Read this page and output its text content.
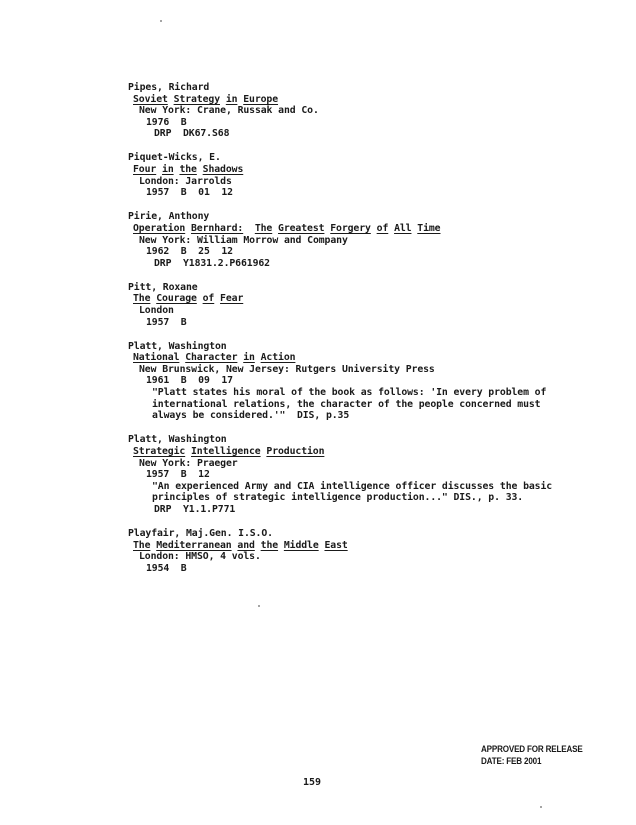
Pipes, Richard
Soviet Strategy in Europe
New York: Crane, Russak and Co.
1976  B
DRP  DK67.S68
Piquet-Wicks, E.
Four in the Shadows
London: Jarrolds
1957  B  01  12
Pirie, Anthony
Operation Bernhard: The Greatest Forgery of All Time
New York: William Morrow and Company
1962  B  25  12
DRP  Y1831.2.P661962
Pitt, Roxane
The Courage of Fear
London
1957  B
Platt, Washington
National Character in Action
New Brunswick, New Jersey: Rutgers University Press
1961  B  09  17
"Platt states his moral of the book as follows: 'In every problem of
international relations, the character of the people concerned must
always be considered.'"  DIS, p.35
Platt, Washington
Strategic Intelligence Production
New York: Praeger
1957  B  12
"An experienced Army and CIA intelligence officer discusses the basic
principles of strategic intelligence production..." DIS., p. 33.
DRP  Y1.1.P771
Playfair, Maj.Gen. I.S.O.
The Mediterranean and the Middle East
London: HMSO, 4 vols.
1954  B
APPROVED FOR RELEASE
DATE: FEB 2001
159
